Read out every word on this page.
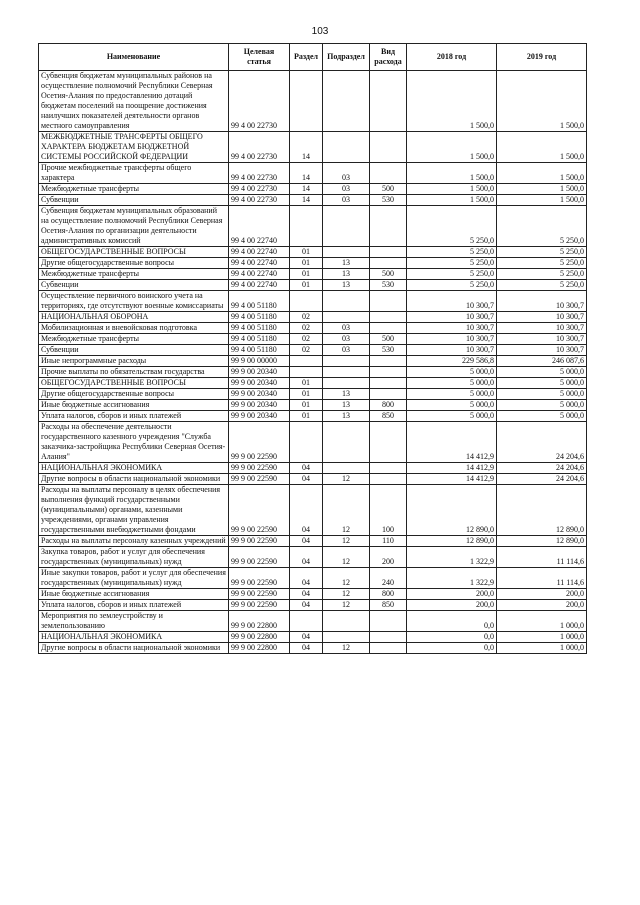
103
Наименование	Целевая статья	Раздел	Подраздел	Вид расхода	2018 год	2019 год
Субвенция бюджетам муниципальных районов на осуществление полномочий Республики Северная Осетия-Алания по предоставлению дотаций бюджетам поселений на поощрение достижения наилучших показателей деятельности органов местного самоуправления	99 4 00 22730				1 500,0	1 500,0
МЕЖБЮДЖЕТНЫЕ ТРАНСФЕРТЫ ОБЩЕГО ХАРАКТЕРА БЮДЖЕТАМ БЮДЖЕТНОЙ СИСТЕМЫ РОССИЙСКОЙ ФЕДЕРАЦИИ	99 4 00 22730	14			1 500,0	1 500,0
Прочие межбюджетные трансферты общего характера	99 4 00 22730	14	03		1 500,0	1 500,0
Межбюджетные трансферты	99 4 00 22730	14	03	500	1 500,0	1 500,0
Субвенции	99 4 00 22730	14	03	530	1 500,0	1 500,0
Субвенция бюджетам муниципальных образований на осуществление полномочий Республики Северная Осетия-Алания по организации деятельности административных комиссий	99 4 00 22740				5 250,0	5 250,0
ОБЩЕГОСУДАРСТВЕННЫЕ ВОПРОСЫ	99 4 00 22740	01			5 250,0	5 250,0
Другие общегосударственные вопросы	99 4 00 22740	01	13		5 250,0	5 250,0
Межбюджетные трансферты	99 4 00 22740	01	13	500	5 250,0	5 250,0
Субвенции	99 4 00 22740	01	13	530	5 250,0	5 250,0
Осуществление первичного воинского учета на территориях, где отсутствуют военные комиссариаты	99 4 00 51180				10 300,7	10 300,7
НАЦИОНАЛЬНАЯ ОБОРОНА	99 4 00 51180	02			10 300,7	10 300,7
Мобилизационная и вневойсковая подготовка	99 4 00 51180	02	03		10 300,7	10 300,7
Межбюджетные трансферты	99 4 00 51180	02	03	500	10 300,7	10 300,7
Субвенции	99 4 00 51180	02	03	530	10 300,7	10 300,7
Иные непрограммные расходы	99 9 00 00000				229 586,8	246 087,6
Прочие выплаты по обязательствам государства	99 9 00 20340				5 000,0	5 000,0
ОБЩЕГОСУДАРСТВЕННЫЕ ВОПРОСЫ	99 9 00 20340	01			5 000,0	5 000,0
Другие общегосударственные вопросы	99 9 00 20340	01	13		5 000,0	5 000,0
Иные бюджетные ассигнования	99 9 00 20340	01	13	800	5 000,0	5 000,0
Уплата налогов, сборов и иных платежей	99 9 00 20340	01	13	850	5 000,0	5 000,0
Расходы на обеспечение деятельности государственного казенного учреждения "Служба заказчика-застройщика Республики Северная Осетия-Алания"	99 9 00 22590				14 412,9	24 204,6
НАЦИОНАЛЬНАЯ ЭКОНОМИКА	99 9 00 22590	04			14 412,9	24 204,6
Другие вопросы в области национальной экономики	99 9 00 22590	04	12		14 412,9	24 204,6
Расходы на выплаты персоналу в целях обеспечения выполнения функций государственными (муниципальными) органами, казенными учреждениями, органами управления государственными внебюджетными фондами	99 9 00 22590	04	12	100	12 890,0	12 890,0
Расходы на выплаты персоналу казенных учреждений	99 9 00 22590	04	12	110	12 890,0	12 890,0
Закупка товаров, работ и услуг для обеспечения государственных (муниципальных) нужд	99 9 00 22590	04	12	200	1 322,9	11 114,6
Иные закупки товаров, работ и услуг для обеспечения государственных (муниципальных) нужд	99 9 00 22590	04	12	240	1 322,9	11 114,6
Иные бюджетные ассигнования	99 9 00 22590	04	12	800	200,0	200,0
Уплата налогов, сборов и иных платежей	99 9 00 22590	04	12	850	200,0	200,0
Мероприятия по землеустройству и землепользованию	99 9 00 22800				0,0	1 000,0
НАЦИОНАЛЬНАЯ ЭКОНОМИКА	99 9 00 22800	04			0,0	1 000,0
Другие вопросы в области национальной экономики	99 9 00 22800	04	12		0,0	1 000,0
